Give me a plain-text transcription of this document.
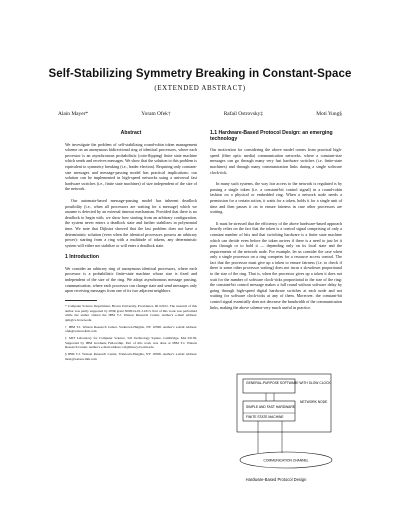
Self-Stabilizing Symmetry Breaking in Constant-Space
(EXTENDED ABSTRACT)
Alain Mayer*	Yoram Ofek†	Rafail Ostrovsky‡	Moti Yung§
Abstract

We investigate the problem of self-stabilizing round-robin token management scheme on an anonymous bidirectional ring of identical processors, where each processor is an asynchronous probabilistic (coin-flipping) finite state machine which sends and receives messages. We show that the solution to this problem is equivalent to symmetry breaking (i.e., leader election). Requiring only constant-size messages and message-passing model has practical implications: our solution can be implemented in high-speed networks using a universal fast hardware switches (i.e., finite state machines) of size independent of the size of the network.

Our automata-based message-passing model has inherent deadlock possibility (i.e., when all processors are waiting for a message) which we assume is detected by an external timeout mechanism. Provided that there is no deadlock to begin with, we show how starting from an arbitrary configuration, the system never enters a deadlock state and further stabilizes in polynomial time. We note that Dijkstra showed that the last problem does not have a deterministic solution (even when the identical processors possess an arbitrary power): starting from a ring with a multitude of tokens, any deterministic system will either not stabilize or will enter a deadlock state.

1 Introduction

We consider an arbitrary ring of anonymous identical processors, where each processor is a probabilistic finite-state machine whose size is fixed and independent of the size of the ring. We adopt asynchronous message passing, communication, where each processor can change state and send messages only upon receiving messages from one of its two adjacent neighbors.

* Computer Science Department, Brown University, Providence, RI 02912. The research of this author was partly supported by ONR grant N00014-91-J-1613. Part of this work was performed while the author visited the IBM T.J. Watson Research Center. Author's e-mail address: ajm@cs.brown.edu

† IBM T.J. Watson Research Center, Yorktown-Heights, NY 10598. Author's e-mail address: ofek@watson.ibm.com

‡ MIT Laboratory for Computer Science, 545 Technology Square, Cambridge, MA 02139. Supported by IBM Graduate Fellowship. Part of this work was done at IBM T.J. Watson Research Center. Author's e-mail address: raf@theory.lcs.mit.edu

§ IBM T.J. Watson Research Center, Yorktown-Heights, NY 10598. Author's e-mail address: moti@watson.ibm.com

1.1 Hardware-Based Protocol Design: an emerging technology

Our motivation for considering the above model comes from practical high-speed (fiber optic media) communication networks, where a constant-size messages can go through many very fast hardware switches (i.e. finite-state machines) and through many communication links during a single software clock-tick.

In many such systems, the way fair access to the network is regulated is by passing a single token (i.e. a constant-bit control signal) in a round-robin fashion on a physical or embedded ring. When a network node needs a permission for a certain action, it waits for a token, holds it for a single unit of time and then passes it on to ensure fairness in case other processors are waiting.

It must be stressed that the efficiency of the above hardware-based approach heavily relies on the fact that the token is a control signal comprising of only a constant number of bits and that switching hardware is a finite state machine which can decide even before the token arrives if there is a need to just let it pass through or to hold it — depending only on its local state and the requirements of the network node. For example, let us consider the case when only a single processor on a ring competes for a resource access control. The fact that the processor must give up a token to ensure fairness (i.e. to check if there is some other processor waiting) does not incur a slowdown proportional to the size of the ring. That is, when the processor gives up a token it does not wait for the number of software clock-ticks proportional to the size of the ring: the constant-bit control message makes a full round without software delay by going through high-speed digital hardware switches at each node and not waiting for software clock-ticks at any of them. Moreover, the constant-bit control signal essentially does not decrease the bandwidth of the communication links, making the above scheme very much useful in practice.

GENERAL-PURPOSE SOFTWARE WITH SLOW CLOCK
SIMPLE AND FAST HARDWARE
FINITE STATE MACHINE
NETWORK NODE
COMMUNICATION CHANNEL
Hardware-Based Protocol Design
